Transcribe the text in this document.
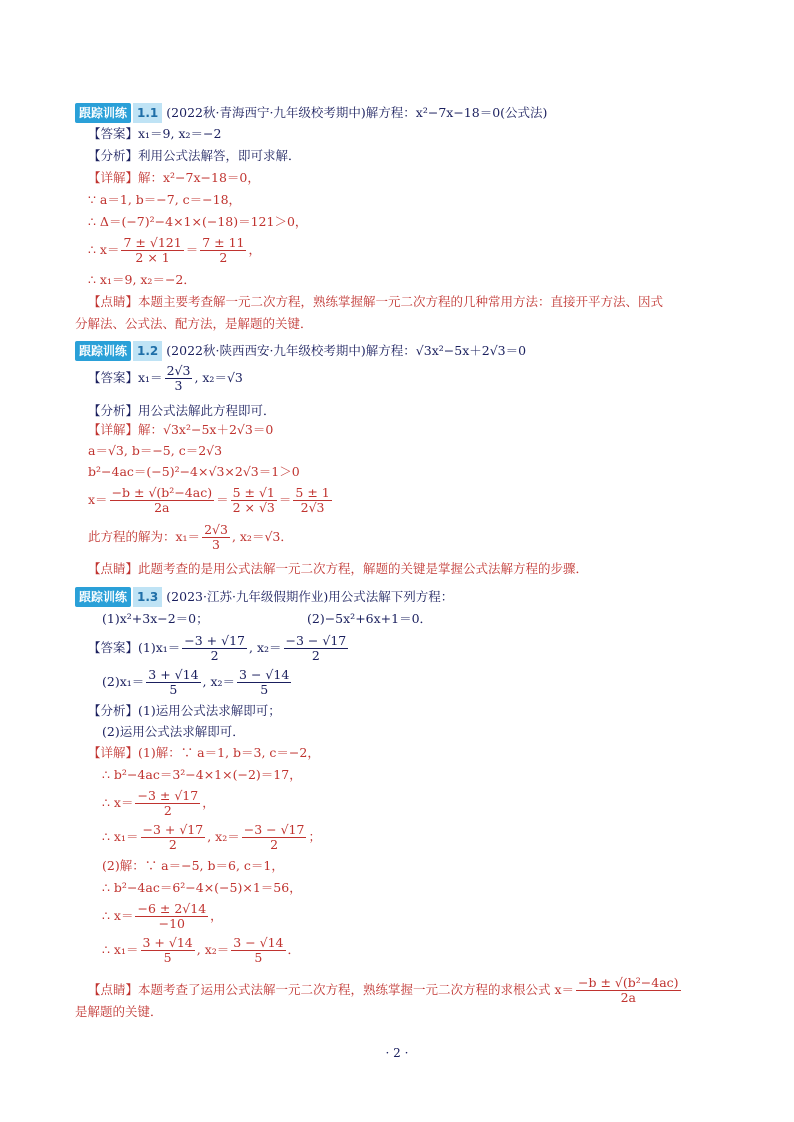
跟踪训练 1.1 (2022秋·青海西宁·九年级校考期中)解方程：x²−7x−18＝0(公式法)
【答案】x₁＝9, x₂＝−2
【分析】利用公式法解答，即可求解．
【详解】解：x²−7x−18＝0，
∵ a＝1, b＝−7, c＝−18，
∴ Δ＝(−7)²−4×1×(−18)＝121＞0，
∴ $x= \frac{7 \pm √121}{2 \times 1} = \frac{7 \pm 11}{2}$ ，
∴ x₁＝9, x₂＝−2．
【点睛】本题主要考查解一元二次方程，熟练掌握解一元二次方程的几种常用方法：直接开平方法、因式
分解法、公式法、配方法，是解题的关键．
跟踪训练 1.2 (2022秋·陕西西安·九年级校考期中)解方程：√3x²−5x＋2√3＝0
【答案】$x_1= \frac{2√3}{3}$ , x₂＝√3
【分析】用公式法解此方程即可．
【详解】解：√3x²−5x＋2√3＝0
a＝√3, b＝−5, c＝2√3
b²−4ac＝(−5)²−4×√3×2√3＝1＞0
$x= \frac{\text{−b ± √(b²−4ac)}}{2a} = \frac{5 \pm √1}{2 \times √3} = \frac{5 \pm 1}{2√3}$
此方程的解为：$x_1= \frac{2√3}{3}$ , x₂＝√3．
【点睛】此题考查的是用公式法解一元二次方程，解题的关键是掌握公式法解方程的步骤．
跟踪训练 1.3 (2023·江苏·九年级假期作业)用公式法解下列方程：
(1)x²+3x−2＝0；	(2)−5x²+6x+1＝0．
【答案】$(1)x_1= \frac{-3 + √17}{2}$ , $x_2= \frac{-3 - √17}{2}$
$(2)x_1= \frac{3 + √14}{5}$ , $x_2= \frac{3 - √14}{5}$
【分析】(1)运用公式法求解即可；
(2)运用公式法求解即可．
【详解】(1)解：∵ a＝1, b＝3, c＝−2，
∴ b²−4ac＝3²−4×1×(−2)＝17，
∴ $x= \frac{-3 \pm √17}{2}$ ，
∴ $x_1= \frac{-3 + √17}{2}$ , $x_2= \frac{-3 - √17}{2}$ ；
(2)解：∵ a＝−5, b＝6, c＝1，
∴ b²−4ac＝6²−4×(−5)×1＝56，
∴ $x= \frac{-6 \pm 2√14}{-10}$ ，
∴ $x_1= \frac{3 + √14}{5}$ , $x_2= \frac{3 - √14}{5}$ ．
【点睛】本题考查了运用公式法解一元二次方程，熟练掌握一元二次方程的求根公式 $x= \frac{\text{−b ± √(b²−4ac)}}{2a}$
是解题的关键．
· 2 ·
